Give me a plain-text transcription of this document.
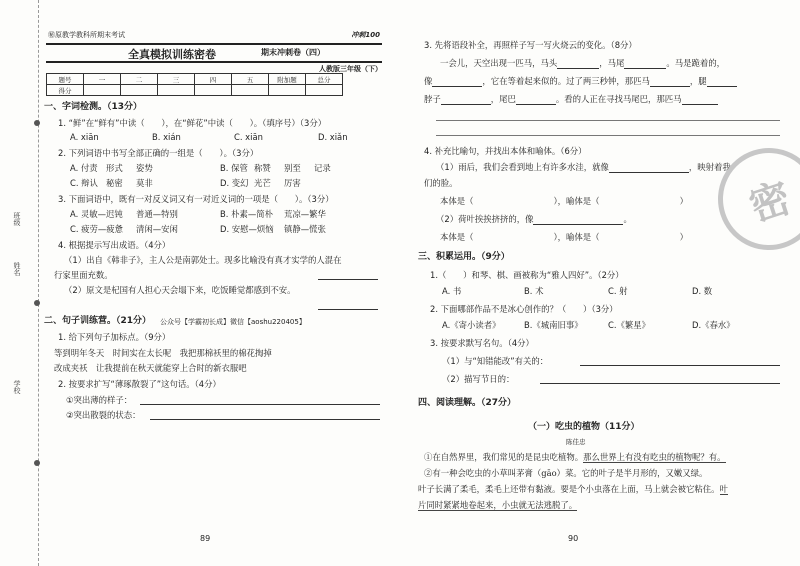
班级
姓名
学校
㊙原教学教科所期末考试	冲刺100
全真模拟训练密卷	期末冲刺卷（四）
人教版三年级（下）
题号	一	二	三	四	五	附加题	总分
得分							
一、字词检测。（13分）
1. “鲜”在“鲜有”中读（　　），在“鲜花”中读（　　）。（填序号）（3分）
A. xiān	B. xián	C. xiān	D. xiǎn
2. 下列词语中书写全部正确的一组是（　　）。（3分）
A. 付责 形式 姿势	B. 保管 称赞 别至 记录
C. 辩认 秘密 莫非	D. 变幻 光芒 厉害
3. 下面词语中，既有一对反义词又有一对近义词的一项是（　　）。（3分）
A. 灵敏—迟钝 普通—特别	B. 朴素—简朴 荒凉—繁华
C. 疲劳—疲惫 清闲—安闲	D. 安慰—烦恼 镇静—慌张
4. 根据提示写出成语。（4分）
（1）出自《韩非子》，主人公是南郭处士。现多比喻没有真才实学的人混在
行家里面充数。
（2）原文是杞国有人担心天会塌下来，吃饭睡觉都感到不安。
二、句子训练营。（21分） 公众号【学霸初长成】微信【aoshu220405】
1. 给下列句子加标点。（9分）
等到明年冬天　时间实在太长呢　我把那棉袄里的棉花掏掉
改成夹袄　让我提前在秋天就能穿上合时的新衣服吧
2. 按要求扩写“薄琢散裂了”这句话。（4分）
①突出薄的样子：
②突出散裂的状态：
89
3. 先将语段补全，再照样子写一写火烧云的变化。（8分）
一会儿，天空出现一匹马，马头	，马尾	。马是跪着的，
像	，它在等着起来似的。过了两三秒钟，那匹马	，腿
脖子	，尾巴	。看的人正在寻找马尾巴，那匹马
4. 补充比喻句，并找出本体和喻体。（6分）
（1）雨后，我们会看到地上有许多水洼，就像	，映射着我
们的脸。
本体是（	），喻体是（	）
（2）荷叶挨挨挤挤的，像	。
本体是（	），喻体是（	）
三、积累运用。（9分）
1.（　　）和琴、棋、画被称为“雅人四好”。（2分）
A. 书	B. 术	C. 射	D. 数
2. 下面哪部作品不是冰心创作的？（　　）（3分）
A.《寄小读者》	B.《城南旧事》	C.《繁星》	D.《春水》
3. 按要求默写名句。（4分）
（1）与“知错能改”有关的：
（2）描写节日的：
四、阅读理解。（27分）
（一）吃虫的植物（11分）
陈佳忠
①在自然界里，我们常见的是昆虫吃植物。那么世界上有没有吃虫的植物呢？有。
②有一种会吃虫的小草叫茅膏（gāo）菜。它的叶子是半月形的，又嫩又绿。
叶子长满了柔毛，柔毛上还带有黏液。要是个小虫落在上面，马上就会被它粘住。叶
片同时紧紧地卷起来，小虫就无法逃脱了。
90
密
